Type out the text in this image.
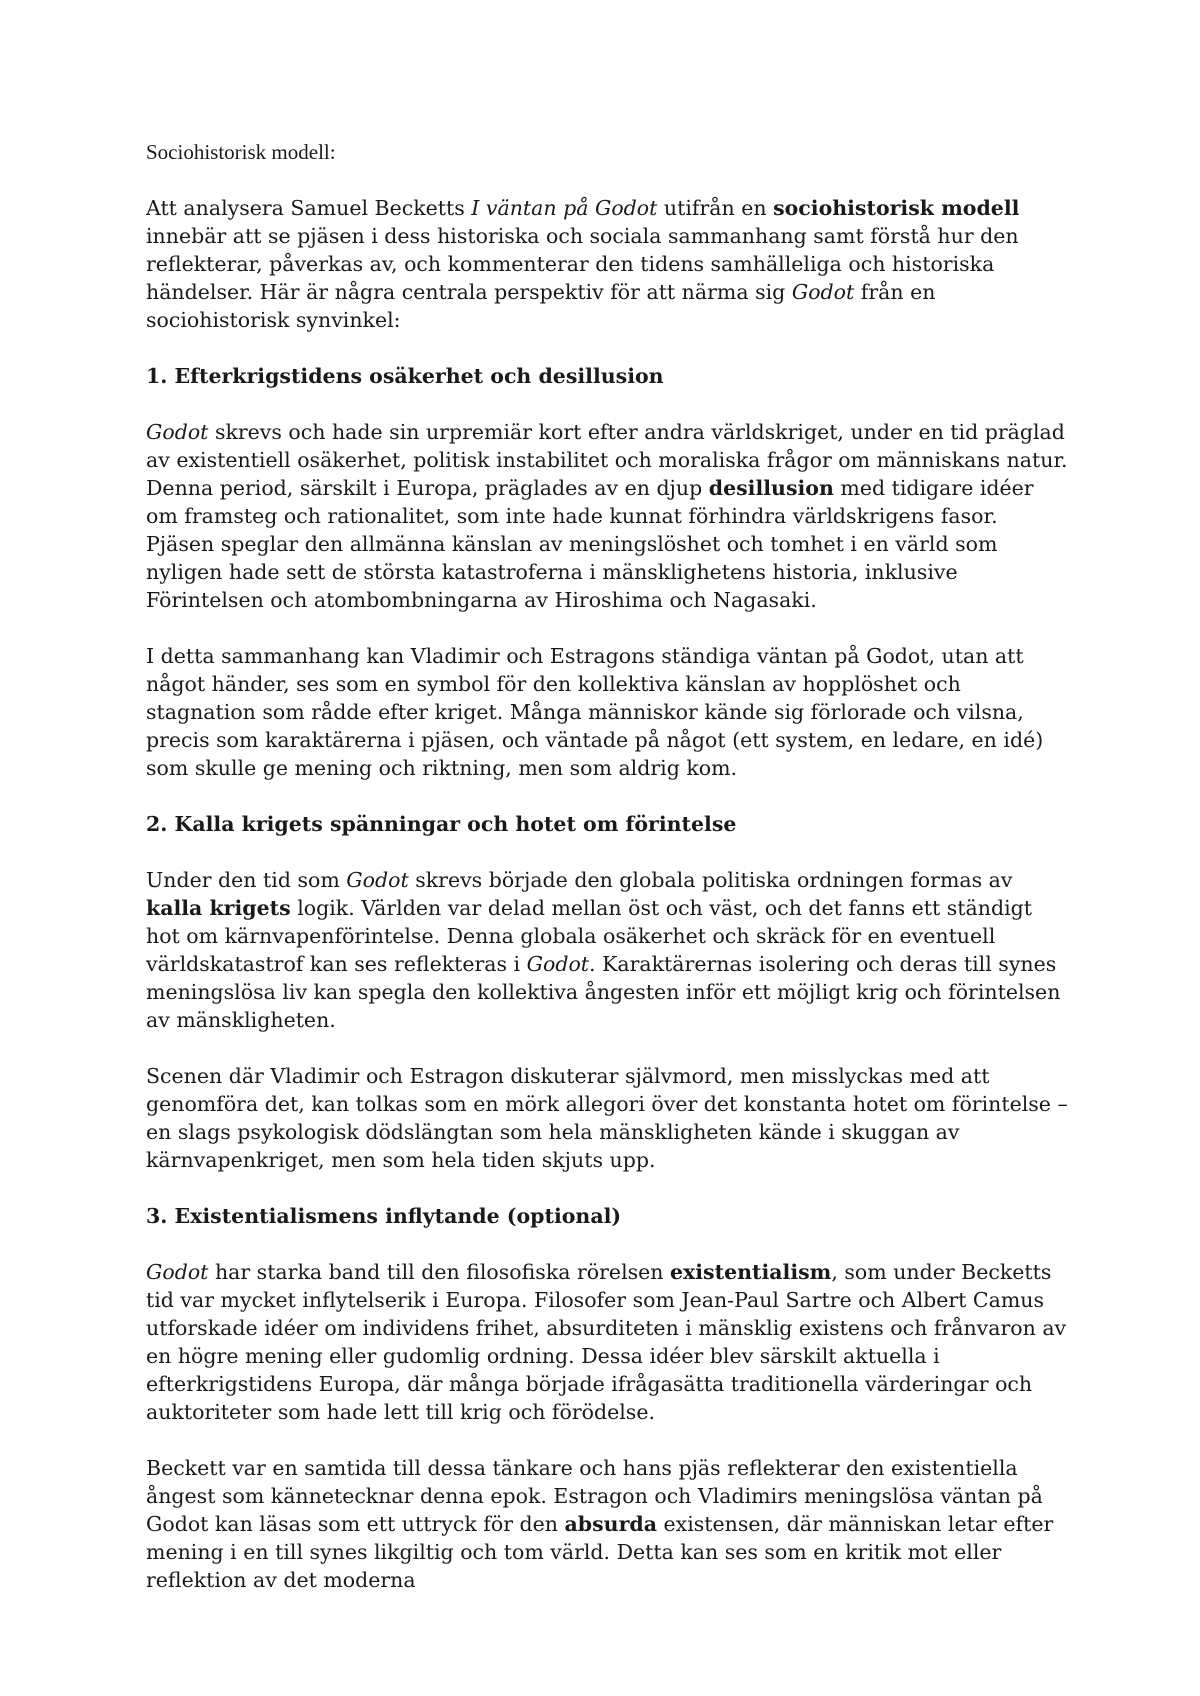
Sociohistorisk modell:

Att analysera Samuel Becketts I väntan på Godot utifrån en sociohistorisk modell innebär att se pjäsen i dess historiska och sociala sammanhang samt förstå hur den reflekterar, påverkas av, och kommenterar den tidens samhälleliga och historiska händelser. Här är några centrala perspektiv för att närma sig Godot från en sociohistorisk synvinkel:

1. Efterkrigstidens osäkerhet och desillusion

Godot skrevs och hade sin urpremiär kort efter andra världskriget, under en tid präglad av existentiell osäkerhet, politisk instabilitet och moraliska frågor om människans natur. Denna period, särskilt i Europa, präglades av en djup desillusion med tidigare idéer om framsteg och rationalitet, som inte hade kunnat förhindra världskrigens fasor. Pjäsen speglar den allmänna känslan av meningslöshet och tomhet i en värld som nyligen hade sett de största katastroferna i mänsklighetens historia, inklusive Förintelsen och atombombningarna av Hiroshima och Nagasaki.

I detta sammanhang kan Vladimir och Estragons ständiga väntan på Godot, utan att något händer, ses som en symbol för den kollektiva känslan av hopplöshet och stagnation som rådde efter kriget. Många människor kände sig förlorade och vilsna, precis som karaktärerna i pjäsen, och väntade på något (ett system, en ledare, en idé) som skulle ge mening och riktning, men som aldrig kom.

2. Kalla krigets spänningar och hotet om förintelse

Under den tid som Godot skrevs började den globala politiska ordningen formas av kalla krigets logik. Världen var delad mellan öst och väst, och det fanns ett ständigt hot om kärnvapenförintelse. Denna globala osäkerhet och skräck för en eventuell världskatastrof kan ses reflekteras i Godot. Karaktärernas isolering och deras till synes meningslösa liv kan spegla den kollektiva ångesten inför ett möjligt krig och förintelsen av mänskligheten.

Scenen där Vladimir och Estragon diskuterar självmord, men misslyckas med att genomföra det, kan tolkas som en mörk allegori över det konstanta hotet om förintelse – en slags psykologisk dödslängtan som hela mänskligheten kände i skuggan av kärnvapenkriget, men som hela tiden skjuts upp.

3. Existentialismens inflytande (optional)

Godot har starka band till den filosofiska rörelsen existentialism, som under Becketts tid var mycket inflytelserik i Europa. Filosofer som Jean-Paul Sartre och Albert Camus utforskade idéer om individens frihet, absurditeten i mänsklig existens och frånvaron av en högre mening eller gudomlig ordning. Dessa idéer blev särskilt aktuella i efterkrigstidens Europa, där många började ifrågasätta traditionella värderingar och auktoriteter som hade lett till krig och förödelse.

Beckett var en samtida till dessa tänkare och hans pjäs reflekterar den existentiella ångest som kännetecknar denna epok. Estragon och Vladimirs meningslösa väntan på Godot kan läsas som ett uttryck för den absurda existensen, där människan letar efter mening i en till synes likgiltig och tom värld. Detta kan ses som en kritik mot eller reflektion av det moderna
